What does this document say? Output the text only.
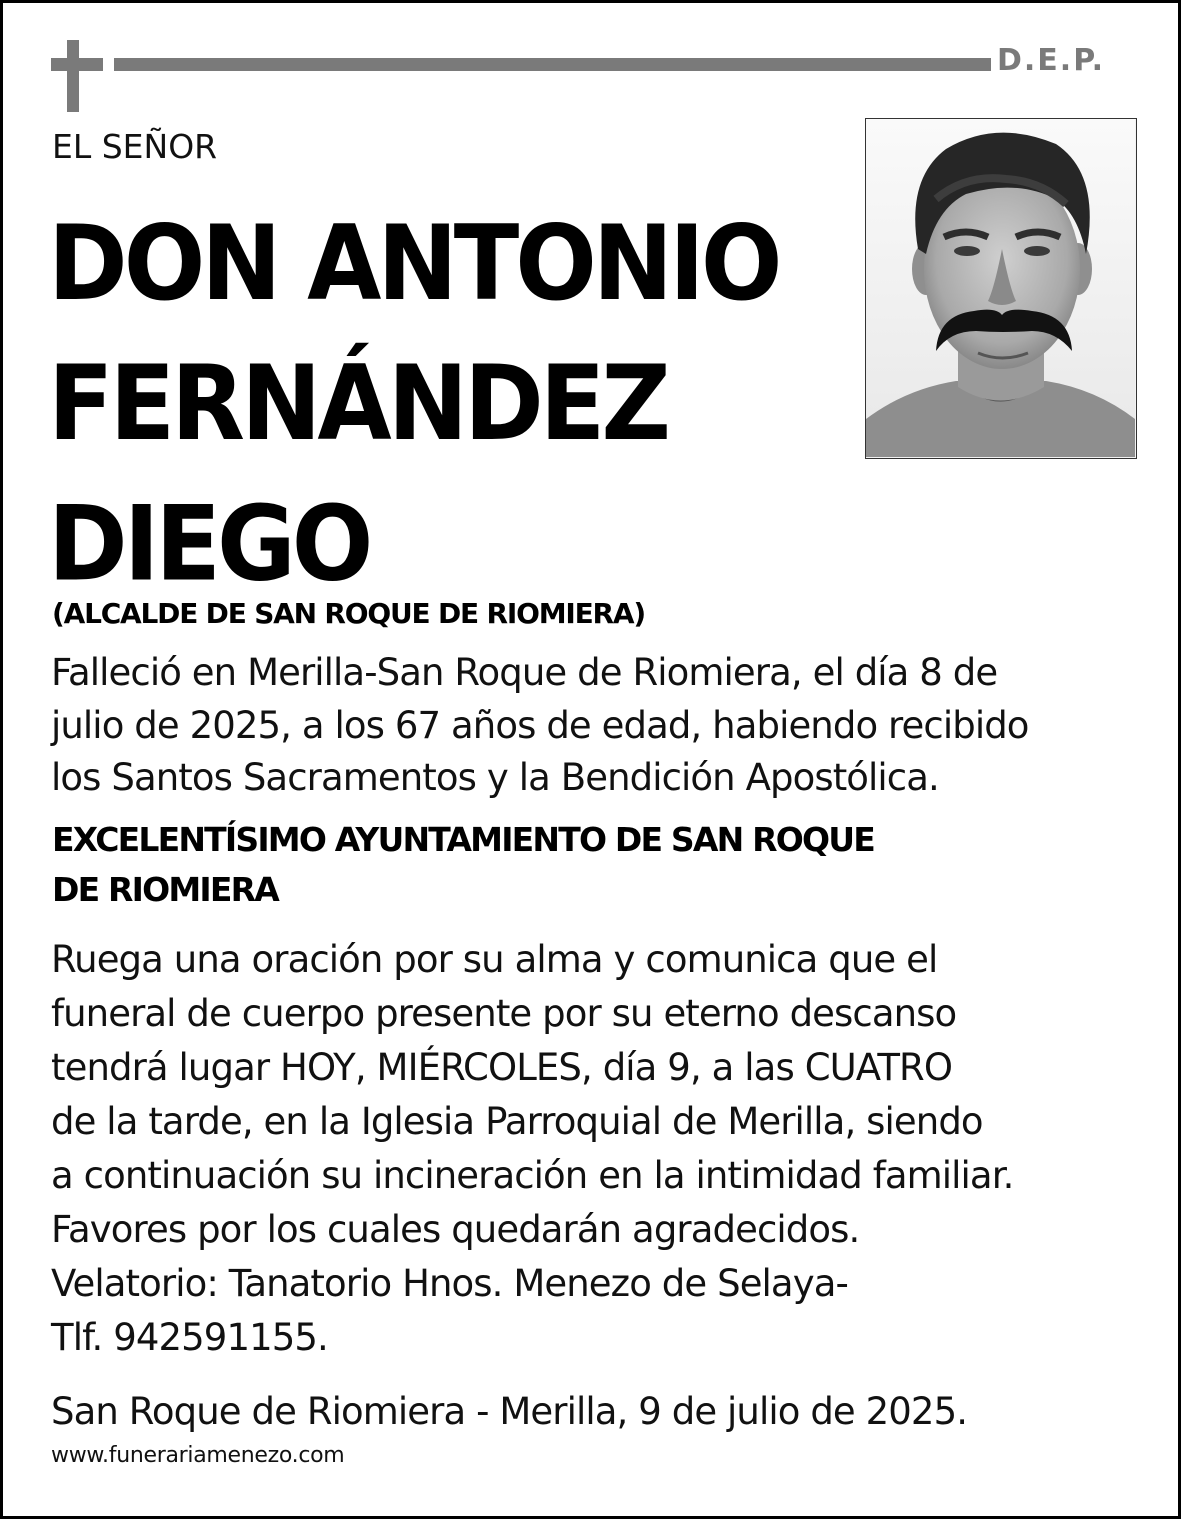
D.E.P.
EL SEÑOR
DON ANTONIO
FERNÁNDEZ
DIEGO
(ALCALDE DE SAN ROQUE DE RIOMIERA)
Falleció en Merilla-San Roque de Riomiera, el día 8 de
julio de 2025, a los 67 años de edad, habiendo recibido
los Santos Sacramentos y la Bendición Apostólica.
EXCELENTÍSIMO AYUNTAMIENTO DE SAN ROQUE
DE RIOMIERA
Ruega una oración por su alma y comunica que el
funeral de cuerpo presente por su eterno descanso
tendrá lugar HOY, MIÉRCOLES, día 9, a las CUATRO
de la tarde, en la Iglesia Parroquial de Merilla, siendo
a continuación su incineración en la intimidad familiar.
Favores por los cuales quedarán agradecidos.
Velatorio: Tanatorio Hnos. Menezo de Selaya-
Tlf. 942591155.
San Roque de Riomiera - Merilla, 9 de julio de 2025.
www.funerariamenezo.com
